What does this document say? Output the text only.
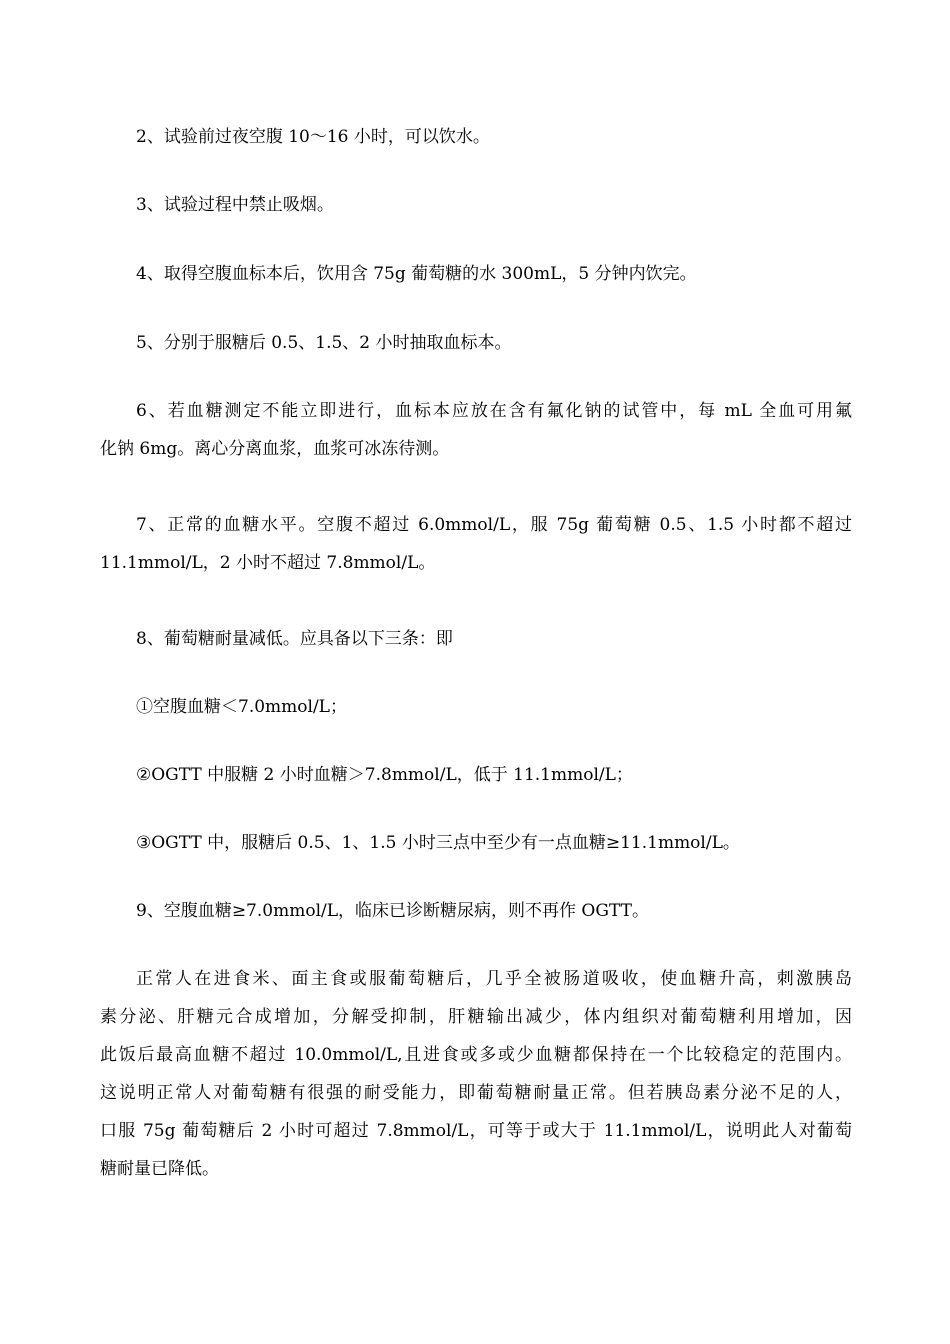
2、试验前过夜空腹 10～16 小时，可以饮水。

3、试验过程中禁止吸烟。

4、取得空腹血标本后，饮用含 75g 葡萄糖的水 300mL，5 分钟内饮完。

5、分别于服糖后 0.5、1.5、2 小时抽取血标本。

6、若血糖测定不能立即进行，血标本应放在含有氟化钠的试管中，每 mL 全血可用氟
化钠 6mg。离心分离血浆，血浆可冰冻待测。

7、正常的血糖水平。空腹不超过 6.0mmol/L，服 75g 葡萄糖 0.5、1.5 小时都不超过
11.1mmol/L，2 小时不超过 7.8mmol/L。

8、葡萄糖耐量减低。应具备以下三条：即

①空腹血糖＜7.0mmol/L；

②OGTT 中服糖 2 小时血糖＞7.8mmol/L，低于 11.1mmol/L；

③OGTT 中，服糖后 0.5、1、1.5 小时三点中至少有一点血糖≥11.1mmol/L。

9、空腹血糖≥7.0mmol/L，临床已诊断糖尿病，则不再作 OGTT。

正常人在进食米、面主食或服葡萄糖后，几乎全被肠道吸收，使血糖升高，刺激胰岛
素分泌、肝糖元合成增加，分解受抑制，肝糖输出减少，体内组织对葡萄糖利用增加，因
此饭后最高血糖不超过 10.0mmol/L,且进食或多或少血糖都保持在一个比较稳定的范围内。
这说明正常人对葡萄糖有很强的耐受能力，即葡萄糖耐量正常。但若胰岛素分泌不足的人，
口服 75g 葡萄糖后 2 小时可超过 7.8mmol/L，可等于或大于 11.1mmol/L，说明此人对葡萄
糖耐量已降低。
